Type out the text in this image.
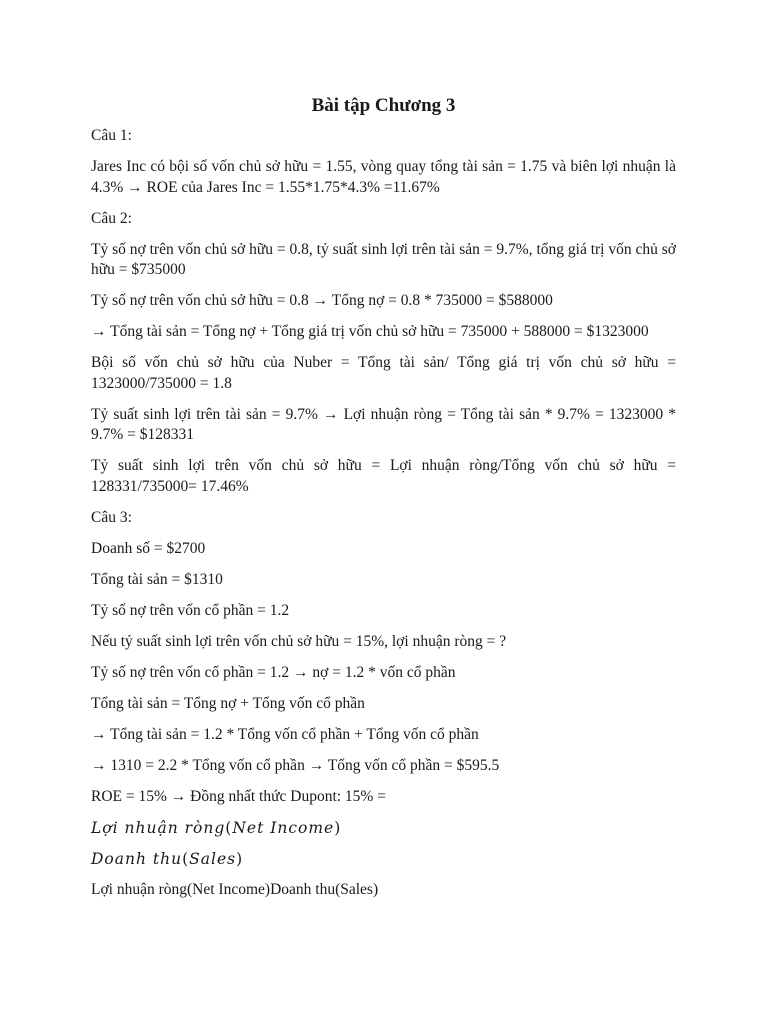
Bài tập Chương 3
Câu 1:
Jares Inc có bội số vốn chủ sở hữu = 1.55, vòng quay tổng tài sản = 1.75 và biên lợi nhuận là 4.3% → ROE của Jares Inc = 1.55*1.75*4.3% =11.67%
Câu 2:
Tỷ số nợ trên vốn chủ sở hữu = 0.8, tỷ suất sinh lợi trên tài sản = 9.7%, tổng giá trị vốn chủ sở hữu = $735000
Tỷ số nợ trên vốn chủ sở hữu = 0.8 → Tổng nợ = 0.8 * 735000 = $588000
→ Tổng tài sản = Tổng nợ + Tổng giá trị vốn chủ sở hữu = 735000 + 588000 = $1323000
Bội số vốn chủ sở hữu của Nuber = Tổng tài sản/ Tổng giá trị vốn chủ sở hữu = 1323000/735000 = 1.8
Tỷ suất sinh lợi trên tài sản = 9.7% → Lợi nhuận ròng = Tổng tài sản * 9.7% = 1323000 * 9.7% = $128331
Tỷ suất sinh lợi trên vốn chủ sở hữu = Lợi nhuận ròng/Tổng vốn chủ sở hữu = 128331/735000= 17.46%
Câu 3:
Doanh số = $2700
Tổng tài sản = $1310
Tỷ số nợ trên vốn cổ phần = 1.2
Nếu tỷ suất sinh lợi trên vốn chủ sở hữu = 15%, lợi nhuận ròng = ?
Tỷ số nợ trên vốn cổ phần = 1.2 → nợ = 1.2 * vốn cổ phần
Tổng tài sản = Tổng nợ + Tổng vốn cổ phần
→ Tổng tài sản = 1.2 * Tổng vốn cổ phần + Tổng vốn cổ phần
→ 1310 = 2.2 * Tổng vốn cổ phần → Tổng vốn cổ phần = $595.5
ROE = 15% → Đồng nhất thức Dupont: 15% =
Lợi nhuận ròng(Net Income)
Doanh thu(Sales)
Lợi nhuận ròng(Net Income)Doanh thu(Sales)
